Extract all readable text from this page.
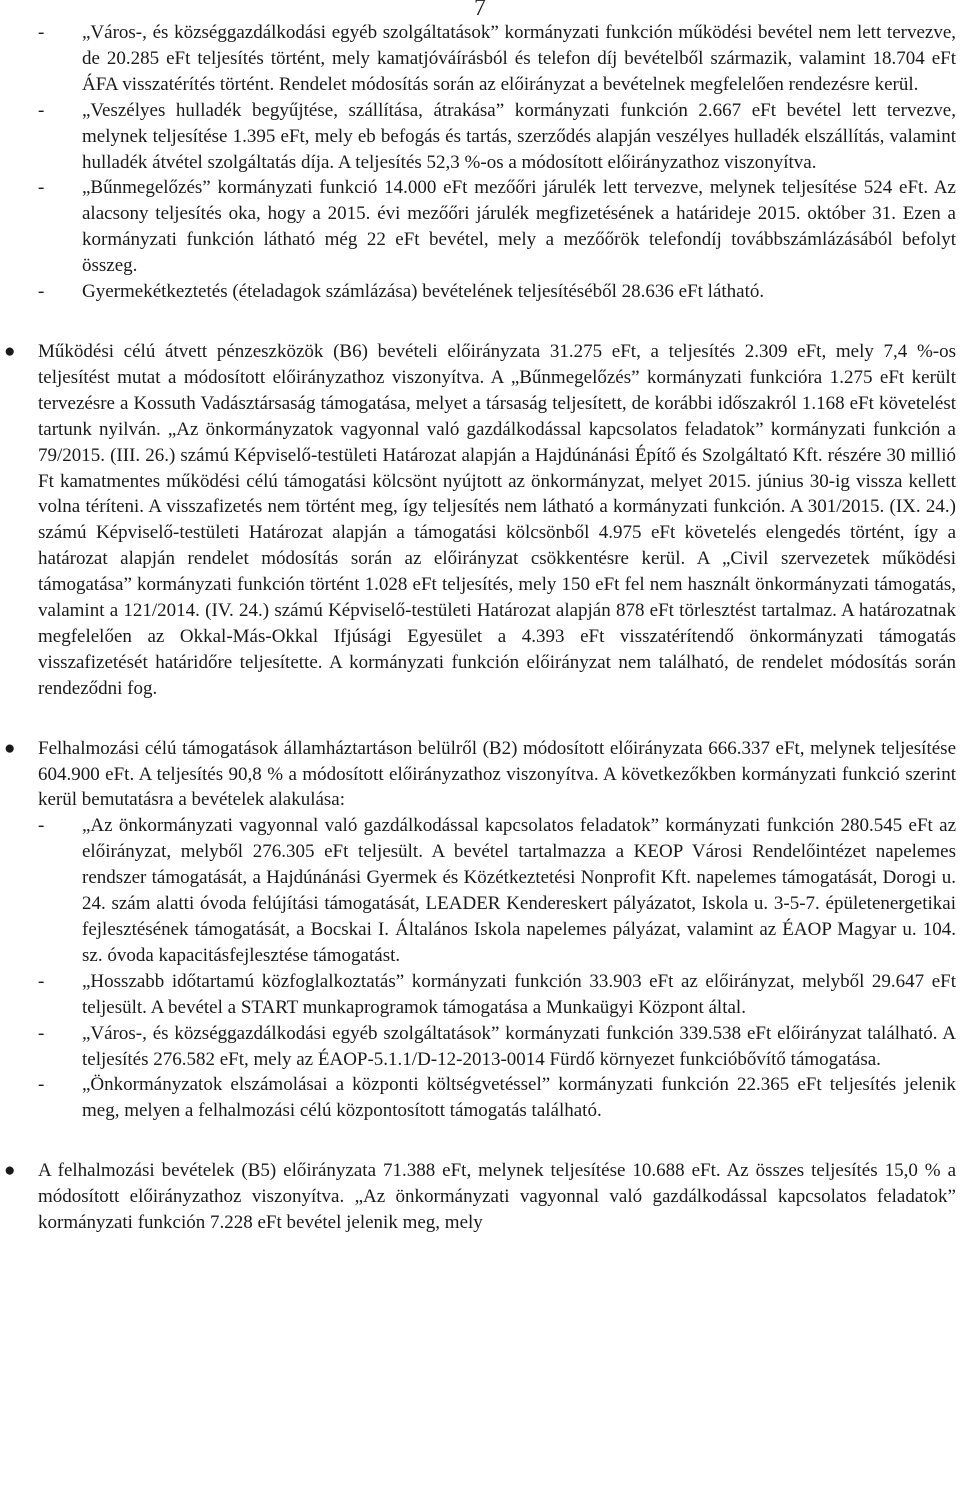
7

- „Város-, és községgazdálkodási egyéb szolgáltatások” kormányzati funkción működési bevétel nem lett tervezve, de 20.285 eFt teljesítés történt, mely kamatjóváírásból és telefon díj bevételből származik, valamint 18.704 eFt ÁFA visszatérítés történt. Rendelet módosítás során az előirányzat a bevételnek megfelelően rendezésre kerül.

- „Veszélyes hulladék begyűjtése, szállítása, átrakása” kormányzati funkción 2.667 eFt bevétel lett tervezve, melynek teljesítése 1.395 eFt, mely eb befogás és tartás, szerződés alapján veszélyes hulladék elszállítás, valamint hulladék átvétel szolgáltatás díja. A teljesítés 52,3 %-os a módosított előirányzathoz viszonyítva.

- „Bűnmegelőzés” kormányzati funkció 14.000 eFt mezőőri járulék lett tervezve, melynek teljesítése 524 eFt. Az alacsony teljesítés oka, hogy a 2015. évi mezőőri járulék megfizetésének a határideje 2015. október 31. Ezen a kormányzati funkción látható még 22 eFt bevétel, mely a mezőőrök telefondíj továbbszámlázásából befolyt összeg.

- Gyermekétkeztetés (ételadagok számlázása) bevételének teljesítéséből 28.636 eFt látható.

● Működési célú átvett pénzeszközök (B6) bevételi előirányzata 31.275 eFt, a teljesítés 2.309 eFt, mely 7,4 %-os teljesítést mutat a módosított előirányzathoz viszonyítva. A „Bűnmegelőzés” kormányzati funkcióra 1.275 eFt került tervezésre a Kossuth Vadásztársaság támogatása, melyet a társaság teljesített, de korábbi időszakról 1.168 eFt követelést tartunk nyilván. „Az önkormányzatok vagyonnal való gazdálkodással kapcsolatos feladatok” kormányzati funkción a 79/2015. (III. 26.) számú Képviselő-testületi Határozat alapján a Hajdúnánási Építő és Szolgáltató Kft. részére 30 millió Ft kamatmentes működési célú támogatási kölcsönt nyújtott az önkormányzat, melyet 2015. június 30-ig vissza kellett volna téríteni. A visszafizetés nem történt meg, így teljesítés nem látható a kormányzati funkción. A 301/2015. (IX. 24.) számú Képviselő-testületi Határozat alapján a támogatási kölcsönből 4.975 eFt követelés elengedés történt, így a határozat alapján rendelet módosítás során az előirányzat csökkentésre kerül. A „Civil szervezetek működési támogatása” kormányzati funkción történt 1.028 eFt teljesítés, mely 150 eFt fel nem használt önkormányzati támogatás, valamint a 121/2014. (IV. 24.) számú Képviselő-testületi Határozat alapján 878 eFt törlesztést tartalmaz. A határozatnak megfelelően az Okkal-Más-Okkal Ifjúsági Egyesület a 4.393 eFt visszatérítendő önkormányzati támogatás visszafizetését határidőre teljesítette. A kormányzati funkción előirányzat nem található, de rendelet módosítás során rendeződni fog.

● Felhalmozási célú támogatások államháztartáson belülről (B2) módosított előirányzata 666.337 eFt, melynek teljesítése 604.900 eFt. A teljesítés 90,8 % a módosított előirányzathoz viszonyítva. A következőkben kormányzati funkció szerint kerül bemutatásra a bevételek alakulása:

- „Az önkormányzati vagyonnal való gazdálkodással kapcsolatos feladatok” kormányzati funkción 280.545 eFt az előirányzat, melyből 276.305 eFt teljesült. A bevétel tartalmazza a KEOP Városi Rendelőintézet napelemes rendszer támogatását, a Hajdúnánási Gyermek és Közétkeztetési Nonprofit Kft. napelemes támogatását, Dorogi u. 24. szám alatti óvoda felújítási támogatását, LEADER Kendereskert pályázatot, Iskola u. 3-5-7. épületenergetikai fejlesztésének támogatását, a Bocskai I. Általános Iskola napelemes pályázat, valamint az ÉAOP Magyar u. 104. sz. óvoda kapacitásfejlesztése támogatást.

- „Hosszabb időtartamú közfoglalkoztatás” kormányzati funkción 33.903 eFt az előirányzat, melyből 29.647 eFt teljesült. A bevétel a START munkaprogramok támogatása a Munkaügyi Központ által.

- „Város-, és községgazdálkodási egyéb szolgáltatások” kormányzati funkción 339.538 eFt előirányzat található. A teljesítés 276.582 eFt, mely az ÉAOP-5.1.1/D-12-2013-0014 Fürdő környezet funkcióbővítő támogatása.

- „Önkormányzatok elszámolásai a központi költségvetéssel” kormányzati funkción 22.365 eFt teljesítés jelenik meg, melyen a felhalmozási célú központosított támogatás található.

● A felhalmozási bevételek (B5) előirányzata 71.388 eFt, melynek teljesítése 10.688 eFt. Az összes teljesítés 15,0 % a módosított előirányzathoz viszonyítva. „Az önkormányzati vagyonnal való gazdálkodással kapcsolatos feladatok” kormányzati funkción 7.228 eFt bevétel jelenik meg, mely
